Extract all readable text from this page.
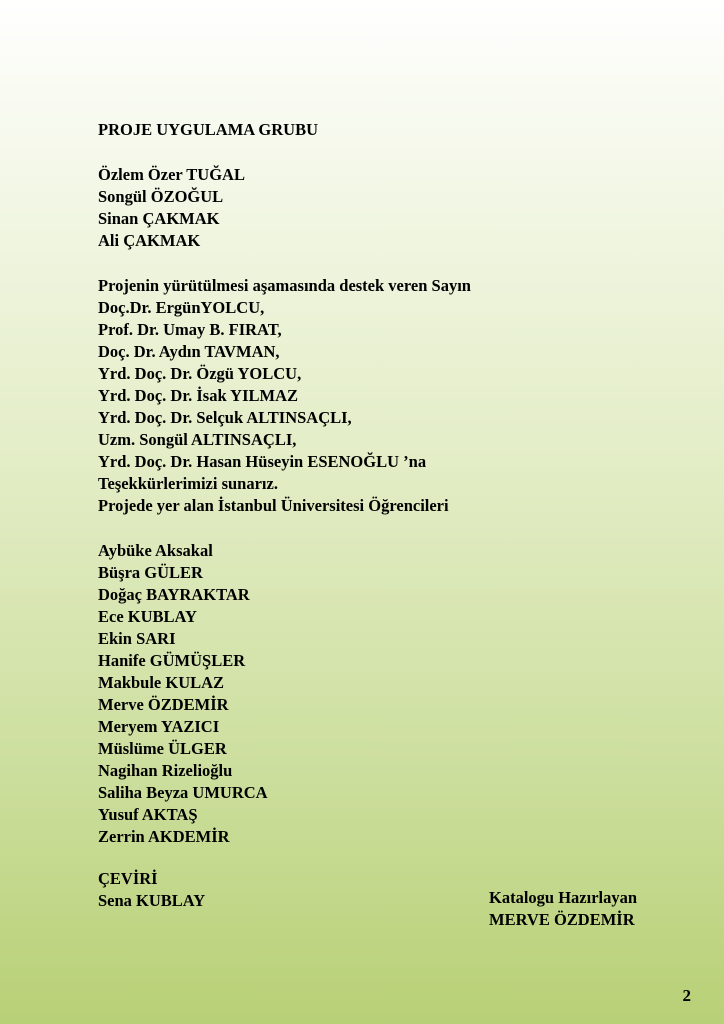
PROJE UYGULAMA GRUBU
Özlem Özer TUĞAL
Songül ÖZOĞUL
Sinan ÇAKMAK
Ali ÇAKMAK
Projenin yürütülmesi aşamasında destek veren Sayın
Doç.Dr. ErgünYOLCU,
Prof. Dr. Umay B. FIRAT,
Doç. Dr. Aydın TAVMAN,
Yrd. Doç. Dr. Özgü YOLCU,
Yrd. Doç. Dr. İsak YILMAZ
Yrd. Doç. Dr. Selçuk ALTINSAÇLI,
Uzm. Songül ALTINSAÇLI,
Yrd. Doç. Dr. Hasan Hüseyin ESENOĞLU ’na
Teşekkürlerimizi sunarız.
Projede yer alan İstanbul Üniversitesi Öğrencileri
Aybüke Aksakal
Büşra GÜLER
Doğaç BAYRAKTAR
Ece KUBLAY
Ekin SARI
Hanife GÜMÜŞLER
Makbule KULAZ
Merve ÖZDEMİR
Meryem YAZICI
Müslüme ÜLGER
Nagihan Rizelioğlu
Saliha Beyza UMURCA
Yusuf AKTAŞ
Zerrin AKDEMİR
ÇEVİRİ
Sena KUBLAY	Katalogu Hazırlayan
MERVE ÖZDEMİR
2
